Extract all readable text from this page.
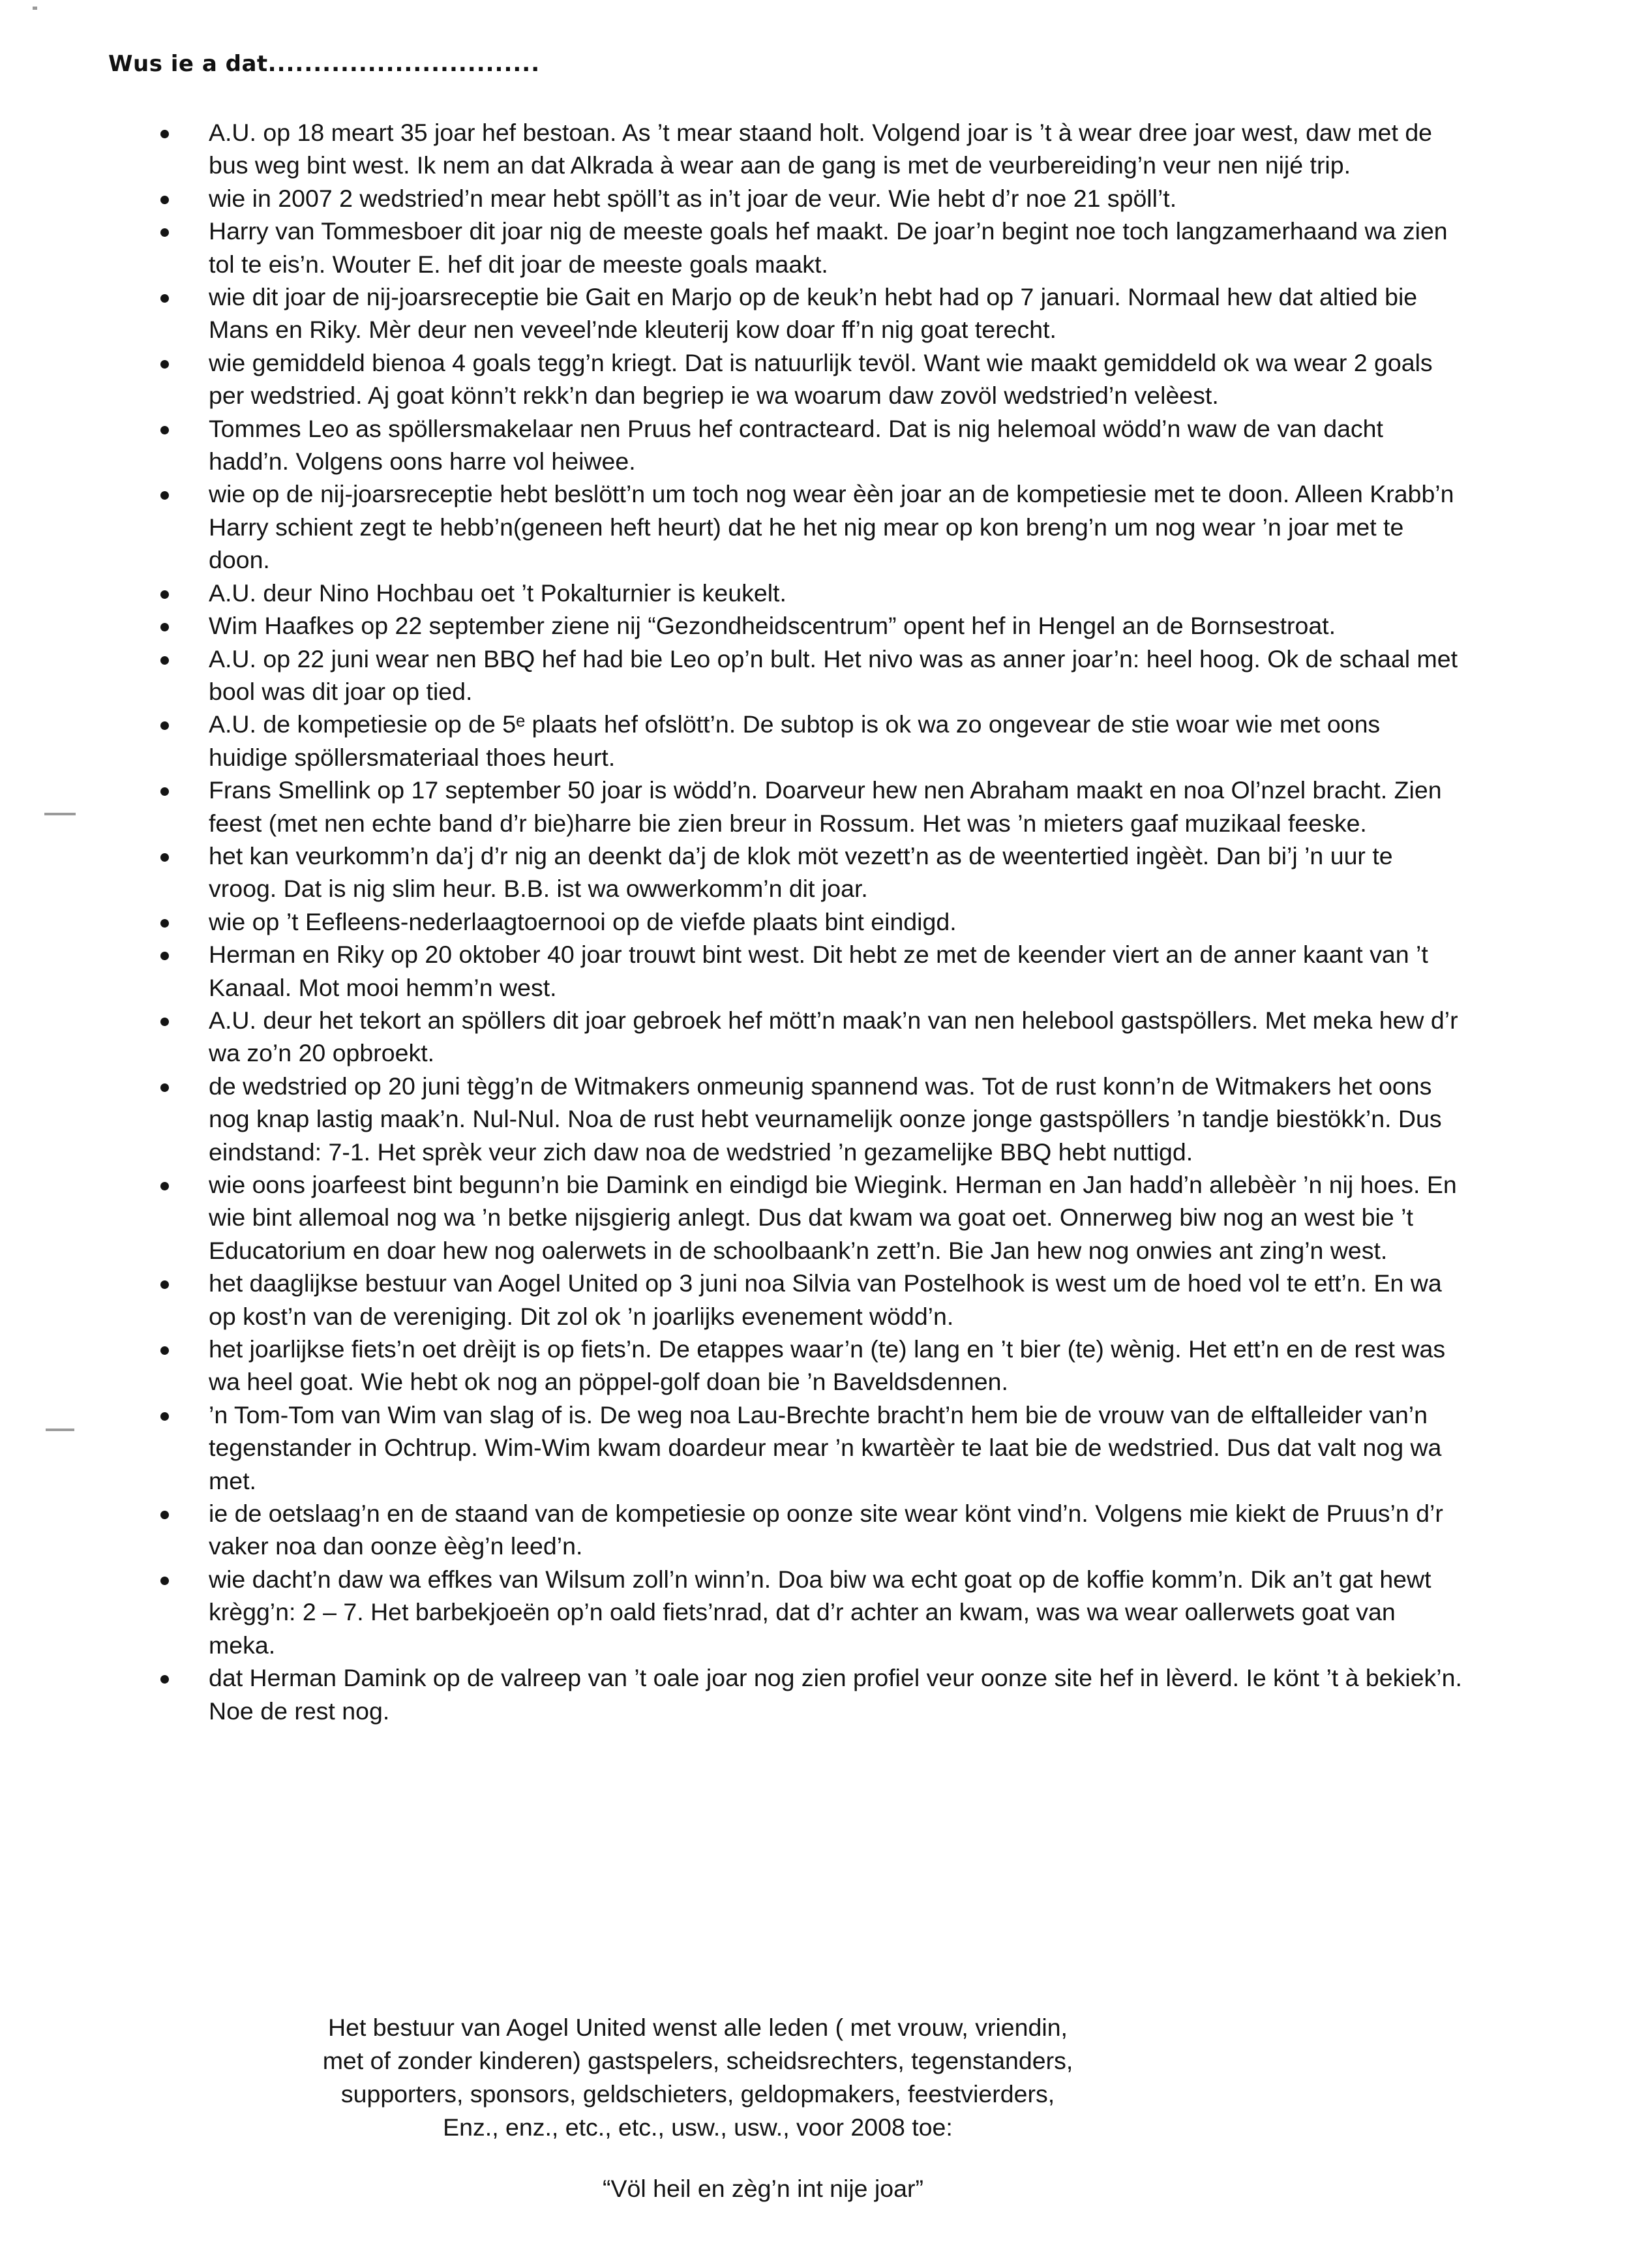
Wus ie a dat..............................
A.U. op 18 meart 35 joar hef bestoan. As ’t mear staand holt. Volgend joar is ’t à wear dree joar west, daw met de bus weg bint west. Ik nem an dat Alkrada à wear aan de gang is met de veurbereiding’n veur nen nijé trip.
wie in 2007 2 wedstried’n mear hebt spöll’t as in’t joar de veur. Wie hebt d’r noe 21 spöll’t.
Harry van Tommesboer dit joar nig de meeste goals hef maakt. De joar’n begint noe toch langzamerhaand wa zien tol te eis’n. Wouter E. hef dit joar de meeste goals maakt.
wie dit joar de nij-joarsreceptie bie Gait en Marjo op de keuk’n hebt had op 7 januari. Normaal hew dat altied bie Mans en Riky. Mèr deur nen veveel’nde kleuterij kow doar ff’n nig goat terecht.
wie gemiddeld bienoa 4 goals tegg’n kriegt. Dat is natuurlijk tevöl. Want wie maakt gemiddeld ok wa wear 2 goals per wedstried. Aj goat könn’t rekk’n dan begriep ie wa woarum daw zovöl wedstried’n velèest.
Tommes Leo as spöllersmakelaar nen Pruus hef contracteard. Dat is nig helemoal wödd’n waw de van dacht hadd’n. Volgens oons harre vol heiwee.
wie op de nij-joarsreceptie hebt beslött’n um toch nog wear èèn joar an de kompetiesie met te doon. Alleen Krabb’n Harry schient zegt te hebb’n(geneen heft heurt) dat he het nig mear op kon breng’n um nog wear ’n joar met te doon.
A.U. deur Nino Hochbau oet ’t Pokalturnier is keukelt.
Wim Haafkes op 22 september ziene nij “Gezondheidscentrum” opent hef in Hengel an de Bornsestroat.
A.U. op 22 juni wear nen BBQ hef had bie Leo op’n bult. Het nivo was as anner joar’n: heel hoog. Ok de schaal met bool was dit joar op tied.
A.U. de kompetiesie op de 5ᵉ plaats hef ofslött’n. De subtop is ok wa zo ongevear de stie woar wie met oons huidige spöllersmateriaal thoes heurt.
Frans Smellink op 17 september 50 joar is wödd’n. Doarveur hew nen Abraham maakt en noa Ol’nzel bracht. Zien feest (met nen echte band d’r bie)harre bie zien breur in Rossum. Het was ’n mieters gaaf muzikaal feeske.
het kan veurkomm’n da’j d’r nig an deenkt da’j de klok möt vezett’n as de weentertied ingèèt. Dan bi’j ’n uur te vroog. Dat is nig slim heur. B.B. ist wa owwerkomm’n dit joar.
wie op ’t Eefleens-nederlaagtoernooi op de viefde plaats bint eindigd.
Herman en Riky op 20 oktober 40 joar trouwt bint west. Dit hebt ze met de keender viert an de anner kaant van ’t Kanaal. Mot mooi hemm’n west.
A.U. deur het tekort an spöllers dit joar gebroek hef mött’n maak’n van nen helebool gastspöllers. Met meka hew d’r wa zo’n 20 opbroekt.
de wedstried op 20 juni tègg’n de Witmakers onmeunig spannend was. Tot de rust konn’n de Witmakers het oons nog knap lastig maak’n. Nul-Nul. Noa de rust hebt veurnamelijk oonze jonge gastspöllers ’n tandje biestökk’n. Dus eindstand: 7-1. Het sprèk veur zich daw noa de wedstried ’n gezamelijke BBQ hebt nuttigd.
wie oons joarfeest bint begunn’n bie Damink en eindigd bie Wiegink. Herman en Jan hadd’n allebèèr ’n nij hoes. En wie bint allemoal nog wa ’n betke nijsgierig anlegt. Dus dat kwam wa goat oet. Onnerweg biw nog an west bie ’t Educatorium en doar hew nog oalerwets in de schoolbaank’n zett’n. Bie Jan hew nog onwies ant zing’n west.
het daaglijkse bestuur van Aogel United op 3 juni noa Silvia van Postelhook is west um de hoed vol te ett’n. En wa op kost’n van de vereniging. Dit zol ok ’n joarlijks evenement wödd’n.
het joarlijkse fiets’n oet drèijt is op fiets’n. De etappes waar’n (te) lang en ’t bier (te) wènig. Het ett’n en de rest was wa heel goat. Wie hebt ok nog an pöppel-golf doan bie ’n Baveldsdennen.
’n Tom-Tom van Wim van slag of is. De weg noa Lau-Brechte bracht’n hem bie de vrouw van de elftalleider van’n tegenstander in Ochtrup. Wim-Wim kwam doardeur mear ’n kwartèèr te laat bie de wedstried. Dus dat valt nog wa met.
ie de oetslaag’n en de staand van de kompetiesie op oonze site wear könt vind’n. Volgens mie kiekt de Pruus’n d’r vaker noa dan oonze èèg’n leed’n.
wie dacht’n daw wa effkes van Wilsum zoll’n winn’n. Doa biw wa echt goat op de koffie komm’n. Dik an’t gat hewt krègg’n: 2 – 7. Het barbekjoeën op’n oald fiets’nrad, dat d’r achter an kwam, was wa wear oallerwets goat van meka.
dat Herman Damink op de valreep van ’t oale joar nog zien profiel veur oonze site hef in lèverd. Ie könt ’t à bekiek’n. Noe de rest nog.
Het bestuur van Aogel United wenst alle leden ( met vrouw, vriendin,
met of zonder kinderen) gastspelers, scheidsrechters, tegenstanders,
supporters, sponsors, geldschieters, geldopmakers, feestvierders,
Enz., enz., etc., etc., usw., usw., voor 2008 toe:
“Völ heil en zèg’n int nije joar”
